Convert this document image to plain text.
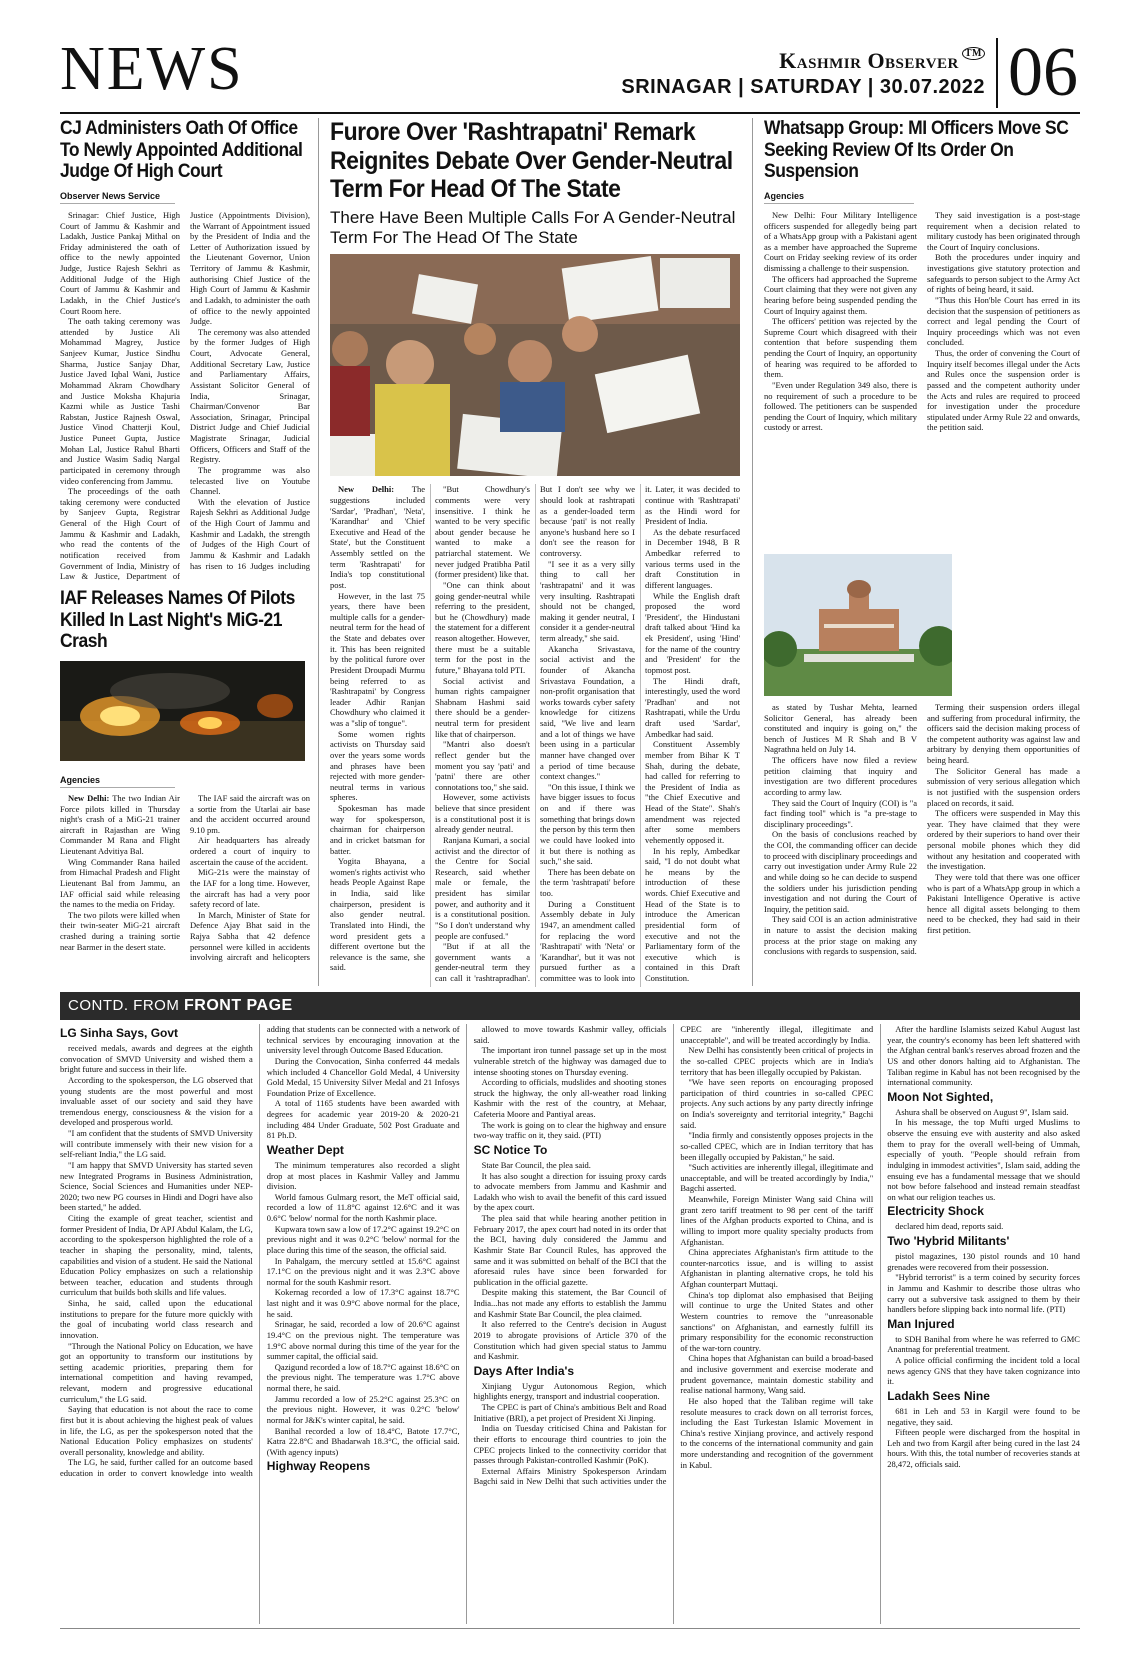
NEWS	Kashmir Observer ™
SRINAGAR | SATURDAY | 30.07.2022 06
CJ Administers Oath Of Office To Newly Appointed Additional Judge Of High Court
Observer News Service

Srinagar: Chief Justice, High Court of Jammu & Kashmir and Ladakh, Justice Pankaj Mithal on Friday administered the oath of office to the newly appointed Judge, Justice Rajesh Sekhri as Additional Judge of the High Court of Jammu & Kashmir and Ladakh, in the Chief Justice's Court Room here.

The oath taking ceremony was attended by Justice Ali Mohammad Magrey, Justice Sanjeev Kumar, Justice Sindhu Sharma, Justice Sanjay Dhar, Justice Javed Iqbal Wani, Justice Mohammad Akram Chowdhary and Justice Moksha Khajuria Kazmi while as Justice Tashi Rabstan, Justice Rajnesh Oswal, Justice Vinod Chatterji Koul, Justice Puneet Gupta, Justice Mohan Lal, Justice Rahul Bharti and Justice Wasim Sadiq Nargal participated in ceremony through video conferencing from Jammu.

The proceedings of the oath taking ceremony were conducted by Sanjeev Gupta, Registrar General of the High Court of Jammu & Kashmir and Ladakh, who read the contents of the notification received from Government of India, Ministry of Law & Justice, Department of Justice (Appointments Division), the Warrant of Appointment issued by the President of India and the Letter of Authorization issued by the Lieutenant Governor, Union Territory of Jammu & Kashmir, authorising Chief Justice of the High Court of Jammu & Kashmir and Ladakh, to administer the oath of office to the newly appointed Judge.

The ceremony was also attended by the former Judges of High Court, Advocate General, Additional Secretary Law, Justice and Parliamentary Affairs, Assistant Solicitor General of India, Srinagar, Chairman/Convenor Bar Association, Srinagar, Principal District Judge and Chief Judicial Magistrate Srinagar, Judicial Officers, Officers and Staff of the Registry.

The programme was also telecasted live on Youtube Channel.

With the elevation of Justice Rajesh Sekhri as Additional Judge of the High Court of Jammu and Kashmir and Ladakh, the strength of Judges of the High Court of Jammu & Kashmir and Ladakh has risen to 16 Judges including

IAF Releases Names Of Pilots Killed In Last Night's MiG-21 Crash
Agencies

New Delhi: The two Indian Air Force pilots killed in Thursday night's crash of a MiG-21 trainer aircraft in Rajasthan are Wing Commander M Rana and Flight Lieutenant Advitiya Bal.

Wing Commander Rana hailed from Himachal Pradesh and Flight Lieutenant Bal from Jammu, an IAF official said while releasing the names to the media on Friday.

The two pilots were killed when their twin-seater MiG-21 aircraft crashed during a training sortie near Barmer in the desert state.

The IAF said the aircraft was on a sortie from the Utarlai air base and the accident occurred around 9.10 pm.

Air headquarters has already ordered a court of inquiry to ascertain the cause of the accident.

MiG-21s were the mainstay of the IAF for a long time. However, the aircraft has had a very poor safety record of late.

In March, Minister of State for Defence Ajay Bhat said in the Rajya Sabha that 42 defence personnel were killed in accidents involving aircraft and helicopters

Furore Over 'Rashtrapatni' Remark Reignites Debate Over Gender-Neutral Term For Head Of The State
There Have Been Multiple Calls For A Gender-Neutral Term For The Head Of The State

New Delhi: The suggestions included 'Sardar', 'Pradhan', 'Neta', 'Karandhar' and 'Chief Executive and Head of the State', but the Constituent Assembly settled on the term 'Rashtrapati' for India's top constitutional post.

However, in the last 75 years, there have been multiple calls for a gender-neutral term for the head of the State and debates over it. This has been reignited by the political furore over President Droupadi Murmu being referred to as 'Rashtrapatni' by Congress leader Adhir Ranjan Chowdhury who claimed it was a "slip of tongue".

Some women rights activists on Thursday said over the years some words and phrases have been rejected with more gender-neutral terms in various spheres.

Spokesman has made way for spokesperson, chairman for chairperson and in cricket batsman for batter.

Yogita Bhayana, a women's rights activist who heads People Against Rape in India, said like chairperson, president is also gender neutral. Translated into Hindi, the word president gets a different overtone but the relevance is the same, she said.

"But Chowdhury's comments were very insensitive. I think he wanted to be very specific about gender because he wanted to make a patriarchal statement. We never judged Pratibha Patil (former president) like that.

"One can think about going gender-neutral while referring to the president, but he (Chowdhury) made the statement for a different reason altogether. However, there must be a suitable term for the post in the future," Bhayana told PTI.

Social activist and human rights campaigner Shabnam Hashmi said there should be a gender-neutral term for president like that of chairperson.

"Mantri also doesn't reflect gender but the moment you say 'pati' and 'patni' there are other connotations too," she said.

However, some activists believe that since president is a constitutional post it is already gender neutral.

Ranjana Kumari, a social activist and the director of the Centre for Social Research, said whether male or female, the president has similar power, and authority and it is a constitutional position. "So I don't understand why people are confused."

"But if at all the government wants a gender-neutral term they can call it 'rashtrapradhan'. But I don't see why we should look at rashtrapati as a gender-loaded term because 'pati' is not really anyone's husband here so I don't see the reason for controversy.

"I see it as a very silly thing to call her 'rashtrapatni' and it was very insulting. Rashtrapati should not be changed, making it gender neutral, I consider it a gender-neutral term already," she said.

Akancha Srivastava, social activist and the founder of Akancha Srivastava Foundation, a non-profit organisation that works towards cyber safety knowledge for citizens said, "We live and learn and a lot of things we have been using in a particular manner have changed over a period of time because context changes."

"On this issue, I think we have bigger issues to focus on and if there was something that brings down the person by this term then we could have looked into it but there is nothing as such," she said.

There has been debate on the term 'rashtrapati' before too.

During a Constituent Assembly debate in July 1947, an amendment called for replacing the word 'Rashtrapati' with 'Neta' or 'Karandhar', but it was not pursued further as a committee was to look into it. Later, it was decided to continue with 'Rashtrapati' as the Hindi word for President of India.

As the debate resurfaced in December 1948, B R Ambedkar referred to various terms used in the draft Constitution in different languages.

While the English draft proposed the word 'President', the Hindustani draft talked about 'Hind ka ek President', using 'Hind' for the name of the country and 'President' for the topmost post.

The Hindi draft, interestingly, used the word 'Pradhan' and not Rashtrapati, while the Urdu draft used 'Sardar', Ambedkar had said.

Constituent Assembly member from Bihar K T Shah, during the debate, had called for referring to the President of India as "the Chief Executive and Head of the State". Shah's amendment was rejected after some members vehemently opposed it.

In his reply, Ambedkar said, "I do not doubt what he means by the introduction of these words. Chief Executive and Head of the State is to introduce the American presidential form of executive and not the Parliamentary form of the executive which is contained in this Draft Constitution.

Whatsapp Group: MI Officers Move SC Seeking Review Of Its Order On Suspension
Agencies

New Delhi: Four Military Intelligence officers suspended for allegedly being part of a WhatsApp group with a Pakistani agent as a member have approached the Supreme Court on Friday seeking review of its order dismissing a challenge to their suspension.

The officers had approached the Supreme Court claiming that they were not given any hearing before being suspended pending the Court of Inquiry against them.

The officers' petition was rejected by the Supreme Court which disagreed with their contention that before suspending them pending the Court of Inquiry, an opportunity of hearing was required to be afforded to them.

"Even under Regulation 349 also, there is no requirement of such a procedure to be followed. The petitioners can be suspended pending the Court of Inquiry, which military custody or arrest.

They said investigation is a post-stage requirement when a decision related to military custody has been originated through the Court of Inquiry conclusions.

Both the procedures under inquiry and investigations give statutory protection and safeguards to person subject to the Army Act of rights of being heard, it said.

"Thus this Hon'ble Court has erred in its decision that the suspension of petitioners as correct and legal pending the Court of Inquiry proceedings which was not even concluded.

Thus, the order of convening the Court of Inquiry itself becomes illegal under the Acts and Rules once the suspension order is passed and the competent authority under the Acts and rules are required to proceed for investigation under the procedure stipulated under Army Rule 22 and onwards, the petition said.

as stated by Tushar Mehta, learned Solicitor General, has already been constituted and inquiry is going on," the bench of Justices M R Shah and B V Nagrathna held on July 14.

The officers have now filed a review petition claiming that inquiry and investigation are two different procedures according to army law.

They said the Court of Inquiry (COI) is "a fact finding tool" which is "a pre-stage to disciplinary proceedings".

On the basis of conclusions reached by the COI, the commanding officer can decide to proceed with disciplinary proceedings and carry out investigation under Army Rule 22 and while doing so he can decide to suspend the soldiers under his jurisdiction pending investigation and not during the Court of Inquiry, the petition said.

They said COI is an action administrative in nature to assist the decision making process at the prior stage on making any conclusions with regards to suspension, said.

Terming their suspension orders illegal and suffering from procedural infirmity, the officers said the decision making process of the competent authority was against law and arbitrary by denying them opportunities of being heard.

The Solicitor General has made a submission of very serious allegation which is not justified with the suspension orders placed on records, it said.

The officers were suspended in May this year. They have claimed that they were ordered by their superiors to hand over their personal mobile phones which they did without any hesitation and cooperated with the investigation.

They were told that there was one officer who is part of a WhatsApp group in which a Pakistani Intelligence Operative is active hence all digital assets belonging to them need to be checked, they had said in their first petition.

CONTD. FROM FRONT PAGE
LG Sinha Says, Govt

received medals, awards and degrees at the eighth convocation of SMVD University and wished them a bright future and success in their life.

According to the spokesperson, the LG observed that young students are the most powerful and most invaluable asset of our society and said they have tremendous energy, consciousness & the vision for a developed and prosperous world.

"I am confident that the students of SMVD University will contribute immensely with their new vision for a self-reliant India," the LG said.

"I am happy that SMVD University has started seven new Integrated Programs in Business Administration, Science, Social Sciences and Humanities under NEP-2020; two new PG courses in Hindi and Dogri have also been started," he added.

Citing the example of great teacher, scientist and former President of India, Dr APJ Abdul Kalam, the LG, according to the spokesperson highlighted the role of a teacher in shaping the personality, mind, talents, capabilities and vision of a student. He said the National Education Policy emphasizes on such a relationship between teacher, education and students through curriculum that builds both skills and life values.

Sinha, he said, called upon the educational institutions to prepare for the future more quickly with the goal of incubating world class research and innovation.

"Through the National Policy on Education, we have got an opportunity to transform our institutions by setting academic priorities, preparing them for international competition and having revamped, relevant, modern and progressive educational curriculum," the LG said.

Saying that education is not about the race to come first but it is about achieving the highest peak of values in life, the LG, as per the spokesperson noted that the National Education Policy emphasizes on students' overall personality, knowledge and ability.

The LG, he said, further called for an outcome based education in order to convert knowledge into wealth adding that students can be connected with a network of technical services by encouraging innovation at the university level through Outcome Based Education.

During the Convocation, Sinha conferred 44 medals which included 4 Chancellor Gold Medal, 4 University Gold Medal, 15 University Silver Medal and 21 Infosys Foundation Prize of Excellence.

A total of 1165 students have been awarded with degrees for academic year 2019-20 & 2020-21 including 484 Under Graduate, 502 Post Graduate and 81 Ph.D.

Weather Dept

The minimum temperatures also recorded a slight drop at most places in Kashmir Valley and Jammu division.

World famous Gulmarg resort, the MeT official said, recorded a low of 11.8°C against 12.6°C and it was 0.6°C 'below' normal for the north Kashmir place.

Kupwara town saw a low of 17.2°C against 19.2°C on previous night and it was 0.2°C 'below' normal for the place during this time of the season, the official said.

In Pahalgam, the mercury settled at 15.6°C against 17.1°C on the previous night and it was 2.3°C above normal for the south Kashmir resort.

Kokernag recorded a low of 17.3°C against 18.7°C last night and it was 0.9°C above normal for the place, he said.

Srinagar, he said, recorded a low of 20.6°C against 19.4°C on the previous night. The temperature was 1.9°C above normal during this time of the year for the summer capital, the official said.

Qazigund recorded a low of 18.7°C against 18.6°C on the previous night. The temperature was 1.7°C above normal there, he said.

Jammu recorded a low of 25.2°C against 25.3°C on the previous night. However, it was 0.2°C 'below' normal for J&K's winter capital, he said.

Banihal recorded a low of 18.4°C, Batote 17.7°C, Katra 22.8°C and Bhadarwah 18.3°C, the official said. (With agency inputs)

Highway Reopens

allowed to move towards Kashmir valley, officials said.

The important iron tunnel passage set up in the most vulnerable stretch of the highway was damaged due to intense shooting stones on Thursday evening.

According to officials, mudslides and shooting stones struck the highway, the only all-weather road linking Kashmir with the rest of the country, at Mehaar, Cafeteria Moore and Pantiyal areas.

The work is going on to clear the highway and ensure two-way traffic on it, they said. (PTI)

SC Notice To

State Bar Council, the plea said.

It has also sought a direction for issuing proxy cards to advocate members from Jammu and Kashmir and Ladakh who wish to avail the benefit of this card issued by the apex court.

The plea said that while hearing another petition in February 2017, the apex court had noted in its order that the BCI, having duly considered the Jammu and Kashmir State Bar Council Rules, has approved the same and it was submitted on behalf of the BCI that the aforesaid rules have since been forwarded for publication in the official gazette.

Despite making this statement, the Bar Council of India...has not made any efforts to establish the Jammu and Kashmir State Bar Council, the plea claimed.

It also referred to the Centre's decision in August 2019 to abrogate provisions of Article 370 of the Constitution which had given special status to Jammu and Kashmir.

Days After India's

Xinjiang Uygur Autonomous Region, which highlights energy, transport and industrial cooperation.

The CPEC is part of China's ambitious Belt and Road Initiative (BRI), a pet project of President Xi Jinping.

India on Tuesday criticised China and Pakistan for their efforts to encourage third countries to join the CPEC projects linked to the connectivity corridor that passes through Pakistan-controlled Kashmir (PoK).

External Affairs Ministry Spokesperson Arindam Bagchi said in New Delhi that such activities under the CPEC are "inherently illegal, illegitimate and unacceptable", and will be treated accordingly by India.

New Delhi has consistently been critical of projects in the so-called CPEC projects which are in India's territory that has been illegally occupied by Pakistan.

"We have seen reports on encouraging proposed participation of third countries in so-called CPEC projects. Any such actions by any party directly infringe on India's sovereignty and territorial integrity," Bagchi said.

"India firmly and consistently opposes projects in the so-called CPEC, which are in Indian territory that has been illegally occupied by Pakistan," he said.

"Such activities are inherently illegal, illegitimate and unacceptable, and will be treated accordingly by India," Bagchi asserted.

Meanwhile, Foreign Minister Wang said China will grant zero tariff treatment to 98 per cent of the tariff lines of the Afghan products exported to China, and is willing to import more quality specialty products from Afghanistan.

China appreciates Afghanistan's firm attitude to the counter-narcotics issue, and is willing to assist Afghanistan in planting alternative crops, he told his Afghan counterpart Muttaqi.

China's top diplomat also emphasised that Beijing will continue to urge the United States and other Western countries to remove the "unreasonable sanctions" on Afghanistan, and earnestly fulfill its primary responsibility for the economic reconstruction of the war-torn country.

China hopes that Afghanistan can build a broad-based and inclusive government and exercise moderate and prudent governance, maintain domestic stability and realise national harmony, Wang said.

He also hoped that the Taliban regime will take resolute measures to crack down on all terrorist forces, including the East Turkestan Islamic Movement in China's restive Xinjiang province, and actively respond to the concerns of the international community and gain more understanding and recognition of the government in Kabul.

After the hardline Islamists seized Kabul August last year, the country's economy has been left shattered with the Afghan central bank's reserves abroad frozen and the US and other donors halting aid to Afghanistan. The Taliban regime in Kabul has not been recognised by the international community.

Moon Not Sighted,

Ashura shall be observed on August 9", Islam said.

In his message, the top Mufti urged Muslims to observe the ensuing eve with austerity and also asked them to pray for the overall well-being of Ummah, especially of youth. "People should refrain from indulging in immodest activities", Islam said, adding the ensuing eve has a fundamental message that we should not bow before falsehood and instead remain steadfast on what our religion teaches us.

Electricity Shock

declared him dead, reports said.

Two 'Hybrid Militants'

pistol magazines, 130 pistol rounds and 10 hand grenades were recovered from their possession.

"Hybrid terrorist" is a term coined by security forces in Jammu and Kashmir to describe those ultras who carry out a subversive task assigned to them by their handlers before slipping back into normal life. (PTI)

Man Injured

to SDH Banihal from where he was referred to GMC Anantnag for preferential treatment.

A police official confirming the incident told a local news agency GNS that they have taken cognizance into it.

Ladakh Sees Nine

681 in Leh and 53 in Kargil were found to be negative, they said.

Fifteen people were discharged from the hospital in Leh and two from Kargil after being cured in the last 24 hours. With this, the total number of recoveries stands at 28,472, officials said.
